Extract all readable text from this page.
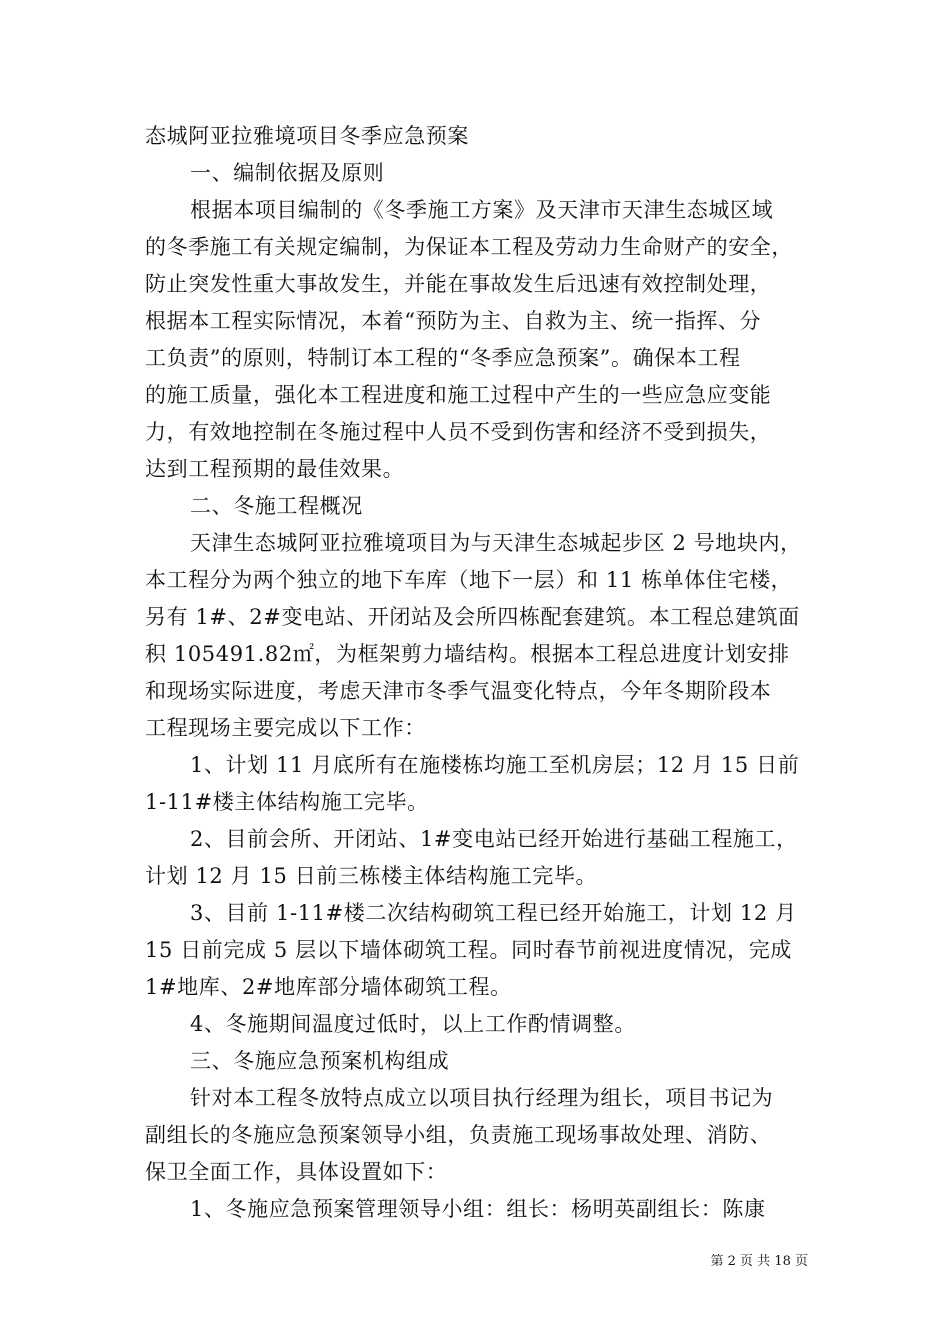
态城阿亚拉雅境项目冬季应急预案
一、编制依据及原则
根据本项目编制的《冬季施工方案》及天津市天津生态城区域
的冬季施工有关规定编制，为保证本工程及劳动力生命财产的安全，
防止突发性重大事故发生，并能在事故发生后迅速有效控制处理，
根据本工程实际情况，本着“预防为主、自救为主、统一指挥、分
工负责”的原则，特制订本工程的“冬季应急预案”。确保本工程
的施工质量，强化本工程进度和施工过程中产生的一些应急应变能
力，有效地控制在冬施过程中人员不受到伤害和经济不受到损失，
达到工程预期的最佳效果。
二、冬施工程概况
天津生态城阿亚拉雅境项目为与天津生态城起步区 2 号地块内，
本工程分为两个独立的地下车库（地下一层）和 11 栋单体住宅楼，
另有 1#、2#变电站、开闭站及会所四栋配套建筑。本工程总建筑面
积 105491.82㎡，为框架剪力墙结构。根据本工程总进度计划安排
和现场实际进度，考虑天津市冬季气温变化特点，今年冬期阶段本
工程现场主要完成以下工作：
1、计划 11 月底所有在施楼栋均施工至机房层；12 月 15 日前
1-11#楼主体结构施工完毕。
2、目前会所、开闭站、1#变电站已经开始进行基础工程施工，
计划 12 月 15 日前三栋楼主体结构施工完毕。
3、目前 1-11#楼二次结构砌筑工程已经开始施工，计划 12 月
15 日前完成 5 层以下墙体砌筑工程。同时春节前视进度情况，完成
1#地库、2#地库部分墙体砌筑工程。
4、冬施期间温度过低时，以上工作酌情调整。
三、冬施应急预案机构组成
针对本工程冬放特点成立以项目执行经理为组长，项目书记为
副组长的冬施应急预案领导小组，负责施工现场事故处理、消防、
保卫全面工作，具体设置如下：
1、冬施应急预案管理领导小组：组长：杨明英副组长：陈康
第 2 页 共 18 页
